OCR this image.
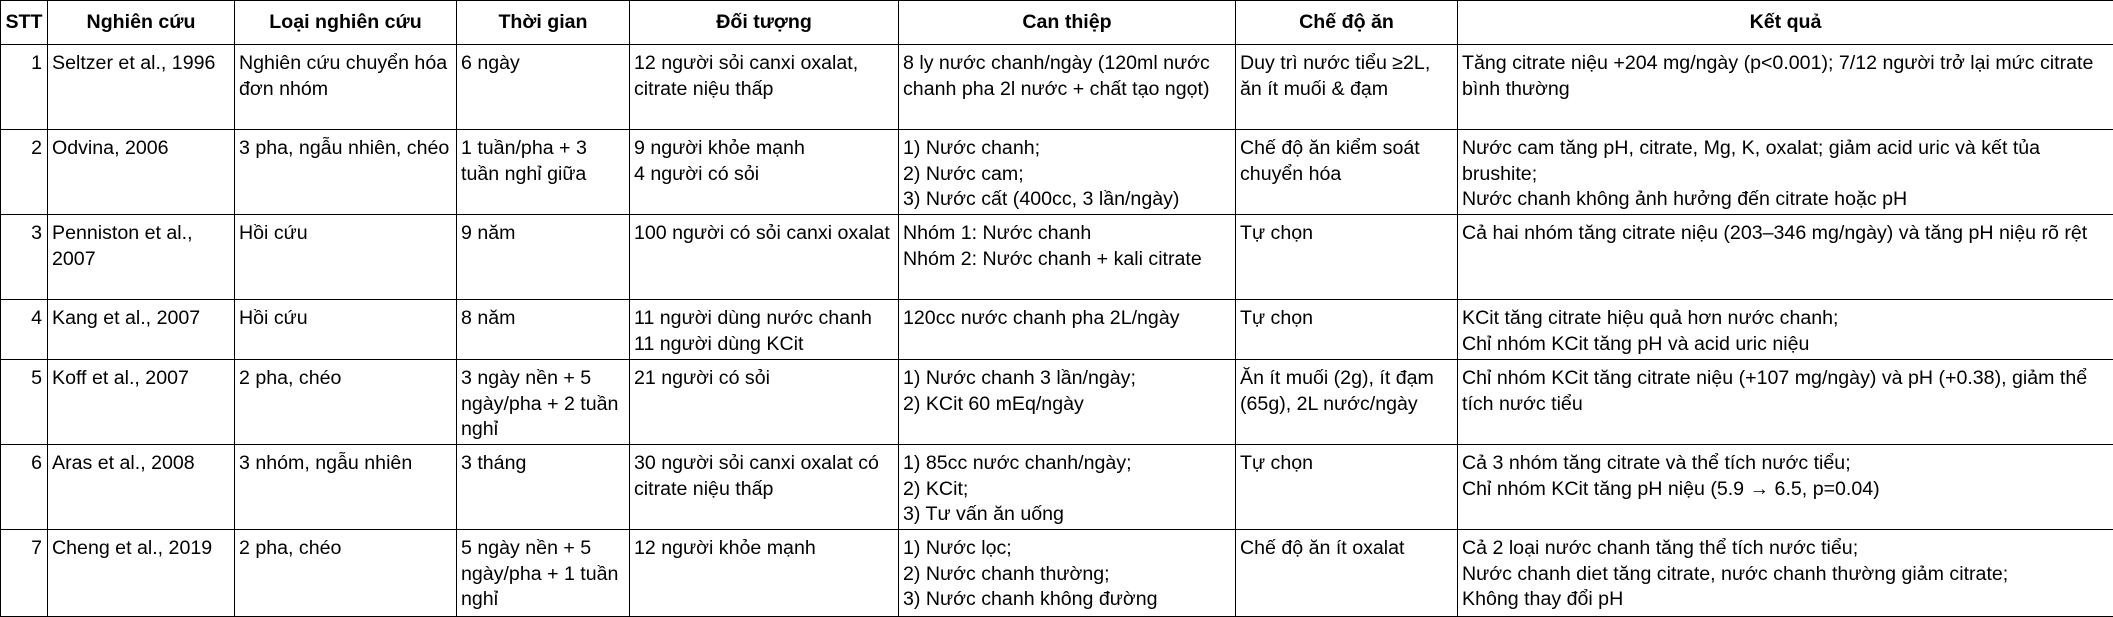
STT	Nghiên cứu	Loại nghiên cứu	Thời gian	Đối tượng	Can thiệp	Chế độ ăn	Kết quả
1	Seltzer et al., 1996	Nghiên cứu chuyển hóa đơn nhóm	6 ngày	12 người sỏi canxi oxalat, citrate niệu thấp	8 ly nước chanh/ngày (120ml nước chanh pha 2l nước + chất tạo ngọt)	Duy trì nước tiểu ≥2L, ăn ít muối & đạm	Tăng citrate niệu +204 mg/ngày (p<0.001); 7/12 người trở lại mức citrate bình thường

2	Odvina, 2006	3 pha, ngẫu nhiên, chéo	1 tuần/pha + 3 tuần nghỉ giữa	9 người khỏe mạnh
4 người có sỏi	1) Nước chanh;
2) Nước cam;
3) Nước cất (400cc, 3 lần/ngày)	Chế độ ăn kiểm soát chuyển hóa	Nước cam tăng pH, citrate, Mg, K, oxalat; giảm acid uric và kết tủa brushite;
Nước chanh không ảnh hưởng đến citrate hoặc pH

3	Penniston et al., 2007	Hồi cứu	9 năm	100 người có sỏi canxi oxalat	Nhóm 1: Nước chanh
Nhóm 2: Nước chanh + kali citrate	Tự chọn	Cả hai nhóm tăng citrate niệu (203–346 mg/ngày) và tăng pH niệu rõ rệt

4	Kang et al., 2007	Hồi cứu	8 năm	11 người dùng nước chanh
11 người dùng KCit	120cc nước chanh pha 2L/ngày	Tự chọn	KCit tăng citrate hiệu quả hơn nước chanh;
Chỉ nhóm KCit tăng pH và acid uric niệu

5	Koff et al., 2007	2 pha, chéo	3 ngày nền + 5 ngày/pha + 2 tuần nghỉ	21 người có sỏi	1) Nước chanh 3 lần/ngày;
2) KCit 60 mEq/ngày	Ăn ít muối (2g), ít đạm (65g), 2L nước/ngày	Chỉ nhóm KCit tăng citrate niệu (+107 mg/ngày) và pH (+0.38), giảm thể tích nước tiểu

6	Aras et al., 2008	3 nhóm, ngẫu nhiên	3 tháng	30 người sỏi canxi oxalat có citrate niệu thấp	1) 85cc nước chanh/ngày;
2) KCit;
3) Tư vấn ăn uống	Tự chọn	Cả 3 nhóm tăng citrate và thể tích nước tiểu;
Chỉ nhóm KCit tăng pH niệu (5.9 → 6.5, p=0.04)

7	Cheng et al., 2019	2 pha, chéo	5 ngày nền + 5 ngày/pha + 1 tuần nghỉ	12 người khỏe mạnh	1) Nước lọc;
2) Nước chanh thường;
3) Nước chanh không đường	Chế độ ăn ít oxalat	Cả 2 loại nước chanh tăng thể tích nước tiểu;
Nước chanh diet tăng citrate, nước chanh thường giảm citrate;
Không thay đổi pH
